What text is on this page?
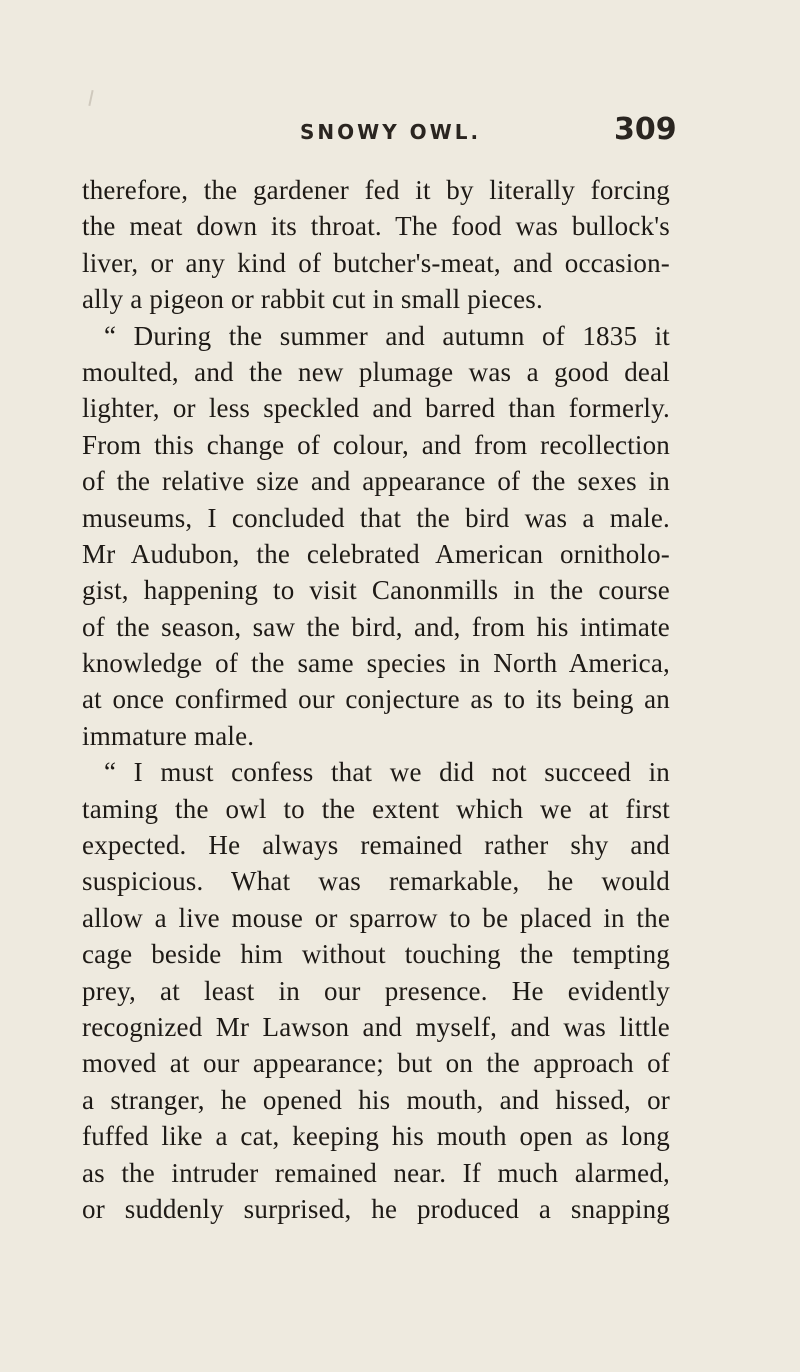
SNOWY OWL.	309
therefore, the gardener fed it by literally forcing
the meat down its throat. The food was bullock's
liver, or any kind of butcher's-meat, and occasion-
ally a pigeon or rabbit cut in small pieces.
“ During the summer and autumn of 1835 it
moulted, and the new plumage was a good deal
lighter, or less speckled and barred than formerly.
From this change of colour, and from recollection
of the relative size and appearance of the sexes in
museums, I concluded that the bird was a male.
Mr Audubon, the celebrated American ornitholo-
gist, happening to visit Canonmills in the course
of the season, saw the bird, and, from his intimate
knowledge of the same species in North America,
at once confirmed our conjecture as to its being an
immature male.
“ I must confess that we did not succeed in
taming the owl to the extent which we at first
expected. He always remained rather shy and
suspicious. What was remarkable, he would
allow a live mouse or sparrow to be placed in the
cage beside him without touching the tempting
prey, at least in our presence. He evidently
recognized Mr Lawson and myself, and was little
moved at our appearance; but on the approach of
a stranger, he opened his mouth, and hissed, or
fuffed like a cat, keeping his mouth open as long
as the intruder remained near. If much alarmed,
or suddenly surprised, he produced a snapping
